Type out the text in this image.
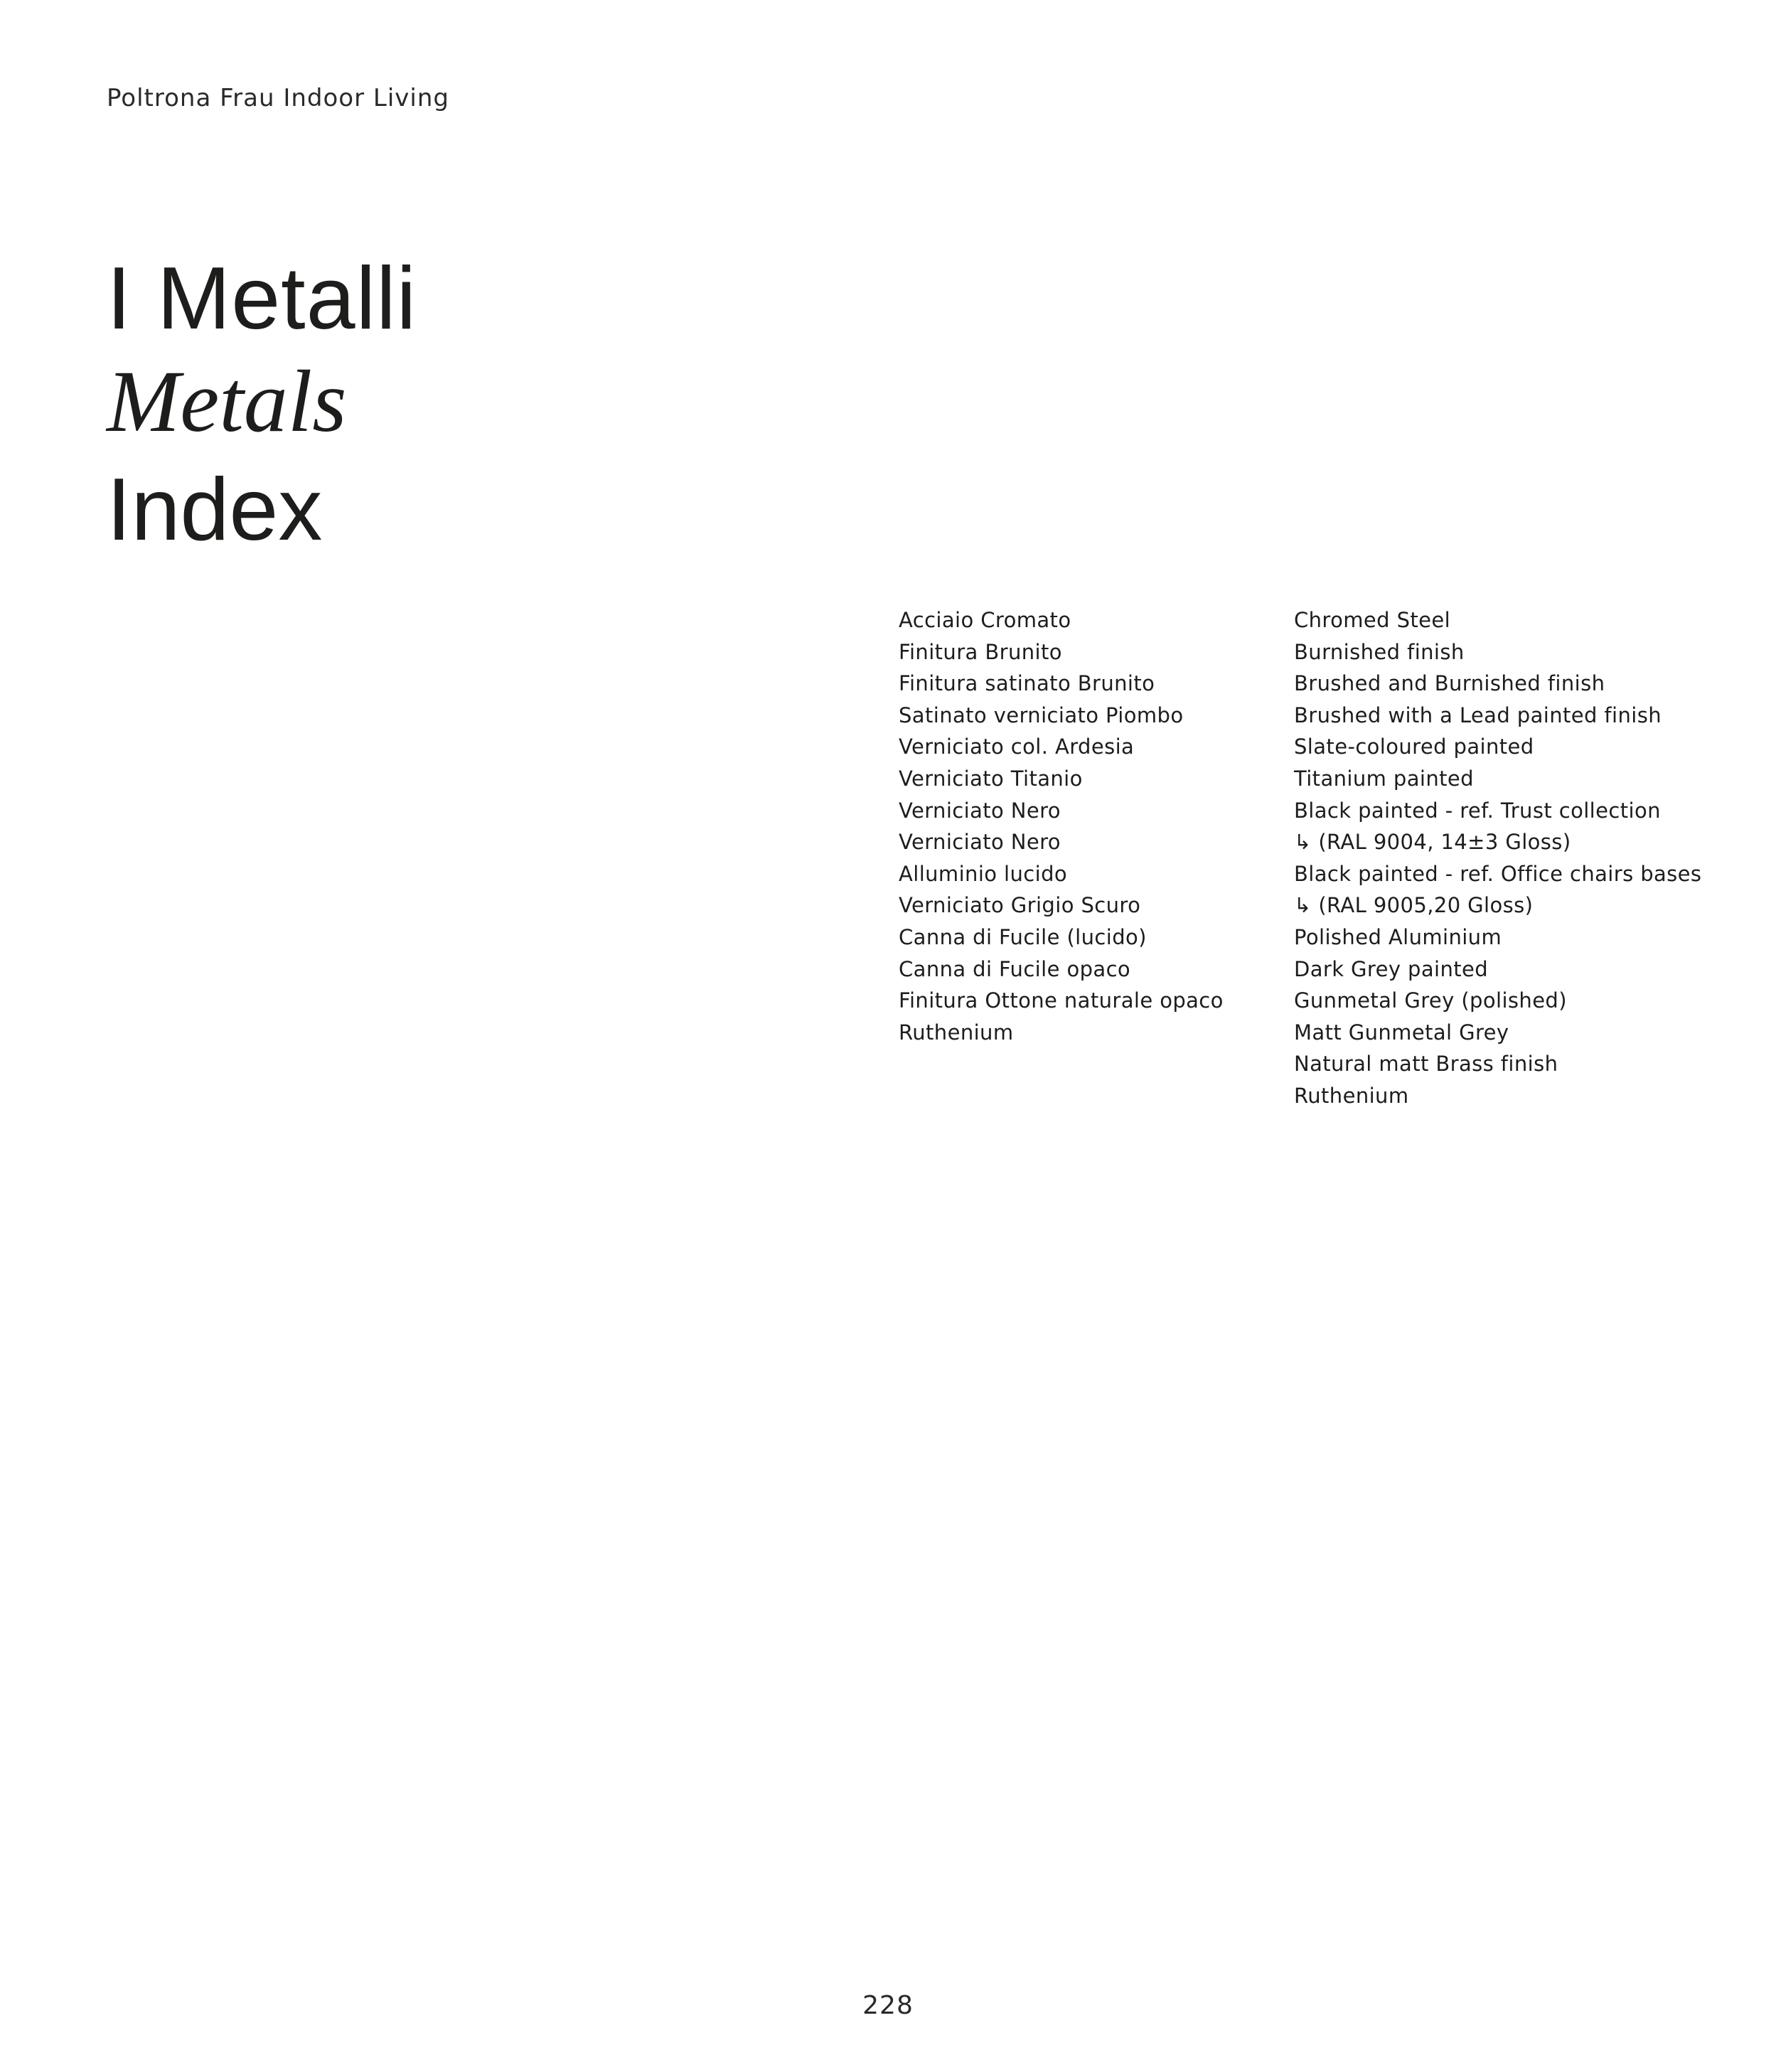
Poltrona Frau Indoor Living
I Metalli
Metals
Index
Acciaio Cromato
Finitura Brunito
Finitura satinato Brunito
Satinato verniciato Piombo
Verniciato col. Ardesia
Verniciato Titanio
Verniciato Nero
Verniciato Nero
Alluminio lucido
Verniciato Grigio Scuro
Canna di Fucile (lucido)
Canna di Fucile opaco
Finitura Ottone naturale opaco
Ruthenium
Chromed Steel
Burnished finish
Brushed and Burnished finish
Brushed with a Lead painted finish
Slate-coloured painted
Titanium painted
Black painted - ref. Trust collection
↳ (RAL 9004, 14±3 Gloss)
Black painted - ref. Office chairs bases
↳ (RAL 9005,20 Gloss)
Polished Aluminium
Dark Grey painted
Gunmetal Grey (polished)
Matt Gunmetal Grey
Natural matt Brass finish
Ruthenium
228
